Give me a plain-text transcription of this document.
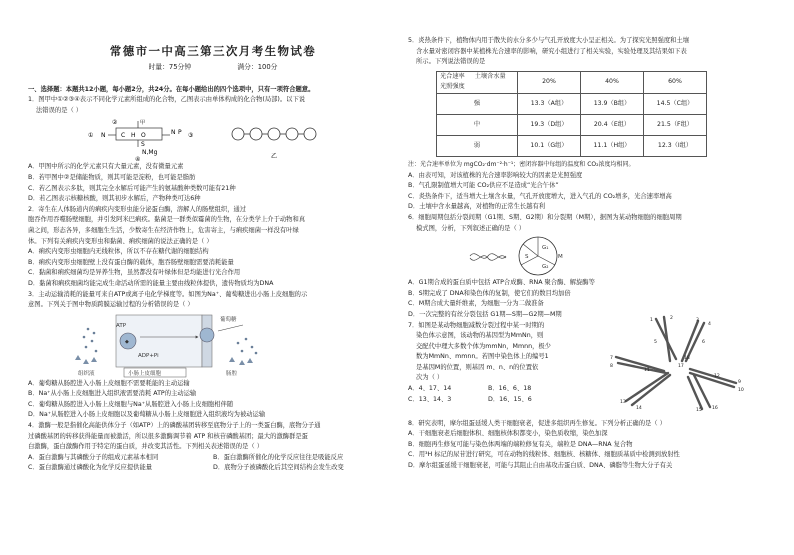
常德市一中高三第三次月考生物试卷
时量：75分钟	满分：100分
一、选择题：本题共12小题，每小题2分，共24分。在每小题给出的四个选项中，只有一项符合题意。
1．图甲中①②③④表示不同化学元素所组成的化合物，乙图表示由单体构成的化合物(局部)。以下说
法错误的是（ ）
②
① N	C H O	N P ③
S
N,Mg
④
甲
乙
A．甲图中所示的化学元素只有大量元素，没有微量元素
B．若甲图中②是储能物质，则其可能是淀粉，也可能是脂肪
C．若乙图表示多肽，则其完全水解后可能产生的氨基酸种类数可能有21种
D．若乙图表示核糖核酸，则其初步水解后，产物种类可达6种
2．寄生在人体肠道内的痢疾内变形虫能分泌蛋白酶，溶解人的肠壁组织，通过
胞吞作用吞噬肠壁细胞，并引发阿米巴痢疾。黏菌是一群类似霉菌的生物，在分类学上介于动物和真
菌之间，形态各异，多细胞生生活，少数寄生在经济作物上，危害寄主，与痢疾细菌一样没有叶绿
体。下列有关痢疾内变形虫和黏菌、痢疾细菌的说法正确的是（ ）
A．痢疾内变形虫细胞内无线粒体，所以不存在糖代谢的细胞结构
B．痢疾内变形虫细胞壁上没有蛋白酶的载体，胞吞肠壁细胞需要消耗能量
C．黏菌和痢疾细菌均是异养生物，虽然都没有叶绿体但是均能进行光合作用
D．黏菌和痢疾细菌均能完成生命活动所需的能量主要由线粒体提供，遗传物质均为DNA
3．主动运输消耗的能量可来自ATP或离子电化学梯度等。如图为Na⁺、葡萄糖进出小肠上皮细胞的示
意图。下列关于图中物质跨膜运输过程的分析错误的是（ ）
◆
葡萄糖
ATP
ADP+Pi
组织液	小肠上皮细胞	肠腔
A．葡萄糖从肠腔进入小肠上皮细胞不需要耗能的主动运输
B．Na⁺从小肠上皮细胞进入组织液需要消耗 ATP的主动运输
C．葡萄糖从肠腔进入小肠上皮细胞与Na⁺从肠腔进入小肠上皮细胞相伴随
D．Na⁺从肠腔进入小肠上皮细胞以及葡萄糖从小肠上皮细胞进入组织液均为被动运输
4．激酶一般是指催化高能供体分子（如ATP）上的磷酸基团转移至底物分子上的一类蛋白酶，底物分子通
过磷酸基团的转移获得能量而被激活，所以很多激酶调节着 ATP 和核苷磷酸基团；最大的激酶群是蛋
白激酶，蛋白激酶作用于特定的蛋白质，并改变其活性。下列相关表述错误的是（ ）
A．蛋白激酶与其磷酸分子的组成元素基本相同	B．蛋白激酶所催化的化学反应往往是吸能反应
C．蛋白激酶通过磷酸化为化学反应提供能量	D．底物分子被磷酸化后其空间结构会发生改变
5．炎热条件下，植物体内用于散失的水分多少与气孔开放度大小呈正相关。为了探究光照强度和土壤
含水量对密闭容器中某植株光合速率的影响，研究小组进行了相关实验，实验处理及其结果如下表
所示。下列说法错误的是
光合速率 土壤含水量
光照强度	20%	40%	60%
强	13.3（A组）	13.9（B组）	14.5（C组）
中	19.3（D组）	20.4（E组）	21.5（F组）
弱	10.1（G组）	11.1（H组）	12.3（I组）
注：光合速率单位为 mgCO₂·dm⁻²·h⁻¹；密闭容器中每组的温度和 CO₂浓度均相同。
A．由表可知，对该植株的光合速率影响较大的因素是光照强度
B．气孔限制值增大可能 CO₂供应不足造成“光合午休”
C．炎热条件下，适当增大土壤含水量，气孔开放度增大，进入气孔的 CO₂增多，光合速率增高
D．土壤中含水量越高，对植物的正常生长越有利
6．细胞周期包括分裂间期（G1期、S期、G2期）和分裂期（M期），据图为某动物细胞的细胞周期
模式图，分析，下列叙述正确的是（ ）
G₁
G₂
S	M
A．G1期合成的蛋白质中包括 ATP合成酶、RNA 聚合酶、解旋酶等
B．S期完成了 DNA和染色体的复制，使它们的数目均加倍
C．M期合成大量纤维素，为细胞一分为二做准备
D．一次完整的有丝分裂包括 G1期—S期—G2期—M期
7．如图是某动物细胞减数分裂过程中某一时期的
染色体示意图，该动物的基因型为MmNn，则
交配代中理大多数个体为mmNn，Mmnn，极少
数为MmNn、mmnn。若图中染色体上的编号1
是基因M的位置，则基因 m、n、n的位置依
次为（ ）
A．4、17、14	B．16、6、18
C．13、14、3	D．16、15、6
1	2	3
4
5	6
7
8
9
10
11
12
13
14	15 16
17
18
8．研究表明，摩尔组蛋延缓人类干细胞衰老，促进多组织再生修复。下列分析正确的是（ ）
A．干细胞衰老后细胞体积、细胞核体积都变小，染色质收缩，染色加深
B．细胞再生修复可能与染色体两端的端粒修复有关，端粒是 DNA—RNA 复合物
C．用³H 标记的尿苷进行研究，可在动物的线粒体、细胞核、核糖体、细胞质基质中检测到放射性
D．摩尔组蛋延缓干细胞衰老，可能与其阻止自由基攻击蛋白质、DNA、磷脂等生物大分子有关
